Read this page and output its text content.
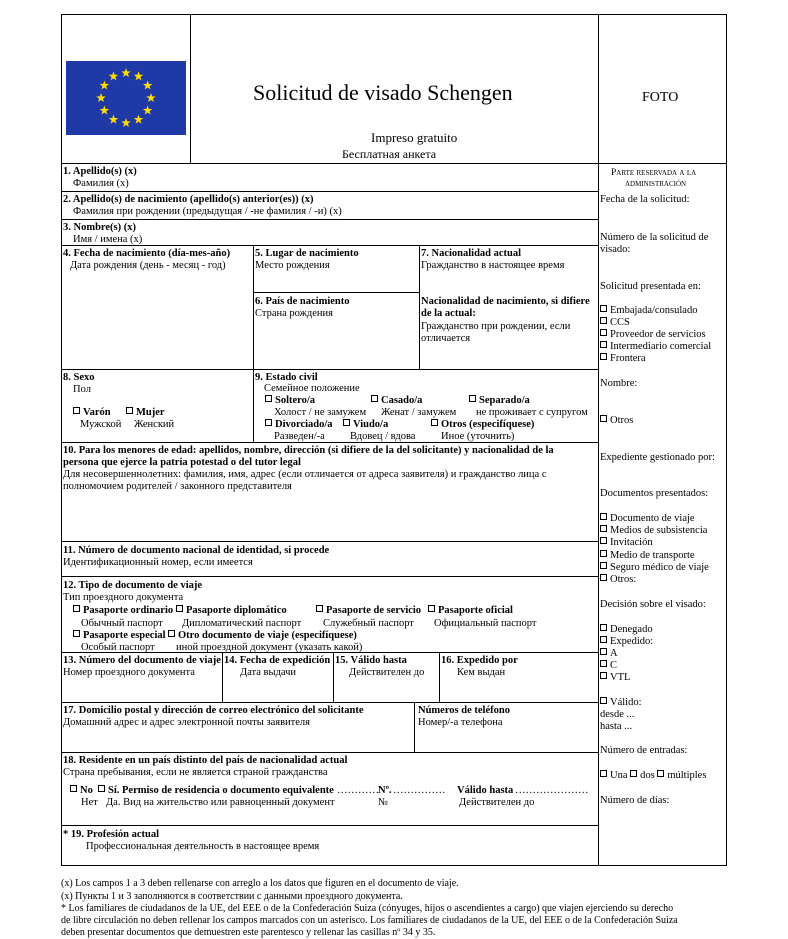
Solicitud de visado Schengen
Impreso gratuito
Бесплатная анкета
FOTO
1. Apellido(s) (x)
Фамилия (x)
2. Apellido(s) de nacimiento (apellido(s) anterior(es)) (x)
Фамилия при рождении (предыдущая / -не фамилия / -и) (x)
3. Nombre(s) (x)
Имя / имена (x)
4. Fecha de nacimiento (día-mes-año)
Дата рождения (день - месяц - год)
5. Lugar de nacimiento
Место рождения
6. País de nacimiento
Страна рождения
7. Nacionalidad actual
Гражданство в настоящее время
Nacionalidad de nacimiento, si difiere
de la actual:
Гражданство при рождении, если
отличается
8. Sexo
Пол
Varón	Mujer
Мужской Женский
9. Estado civil
Семейное положение
Soltero/a	Casado/a	Separado/a
Холост / не замужем Женат / замужем не проживает с супругом
Divorciado/a	Viudo/a	Otros (especifíquese)
Разведен/-а Вдовец / вдова Иное (уточнить)
10. Para los menores de edad: apellidos, nombre, dirección (si difiere de la del solicitante) y nacionalidad de la
persona que ejerce la patria potestad o del tutor legal
Для несовершеннолетних: фамилия, имя, адрес (если отличается от адреса заявителя) и гражданство лица с
полномочием родителей / законного представителя
11. Número de documento nacional de identidad, si procede
Идентификационный номер, если имеется
12. Tipo de documento de viaje
Тип проездного документа
Pasaporte ordinario	Pasaporte diplomático	Pasaporte de servicio	Pasaporte oficial
Обычный паспорт Дипломатический паспорт Служебный паспорт Официальный паспорт
Pasaporte especial	Otro documento de viaje (especifíquese)
Особый паспорт иной проездной документ (указать какой)
13. Número del documento de viaje
Номер проездного документа
14. Fecha de expedición
Дата выдачи
15. Válido hasta
Действителен до
16. Expedido por
Кем выдан
17. Domicilio postal y dirección de correo electrónico del solicitante
Домашний адрес и адрес электронной почты заявителя
Números de teléfono
Номер/-а телефона
18. Residente en un país distinto del país de nacionalidad actual
Страна пребывания, если не является страной гражданства
No	Sí. Permiso de residencia o documento equivalente ………… Nº. …………… Válido hasta …………………
Нет Да. Вид на жительство или равноценный документ	№	Действителен до
* 19. Profesión actual
Профессиональная деятельность в настоящее время
Parte reservada a la
administración
Fecha de la solicitud:
Número de la solicitud de
visado:
Solicitud presentada en:
Embajada/consulado
CCS
Proveedor de servicios
Intermediario comercial
Frontera
Nombre:
Otros
Expediente gestionado por:
Documentos presentados:
Documento de viaje
Medios de subsistencia
Invitación
Medio de transporte
Seguro médico de viaje
Otros:
Decisión sobre el visado:
Denegado
Expedido:
A
C
VTL
Válido:
desde ...
hasta ...
Número de entradas:
Una dos múltiples
Número de días:
(x) Los campos 1 a 3 deben rellenarse con arreglo a los datos que figuren en el documento de viaje.
(x) Пункты 1 и 3 заполняются в соответствии с данными проездного документа.
* Los familiares de ciudadanos de la UE, del EEE o de la Confederación Suiza (cónyuges, hijos o ascendientes a cargo) que viajen ejerciendo su derecho
de libre circulación no deben rellenar los campos marcados con un asterisco. Los familiares de ciudadanos de la UE, del EEE o de la Confederación Suiza
deben presentar documentos que demuestren este parentesco y rellenar las casillas nº 34 y 35.
